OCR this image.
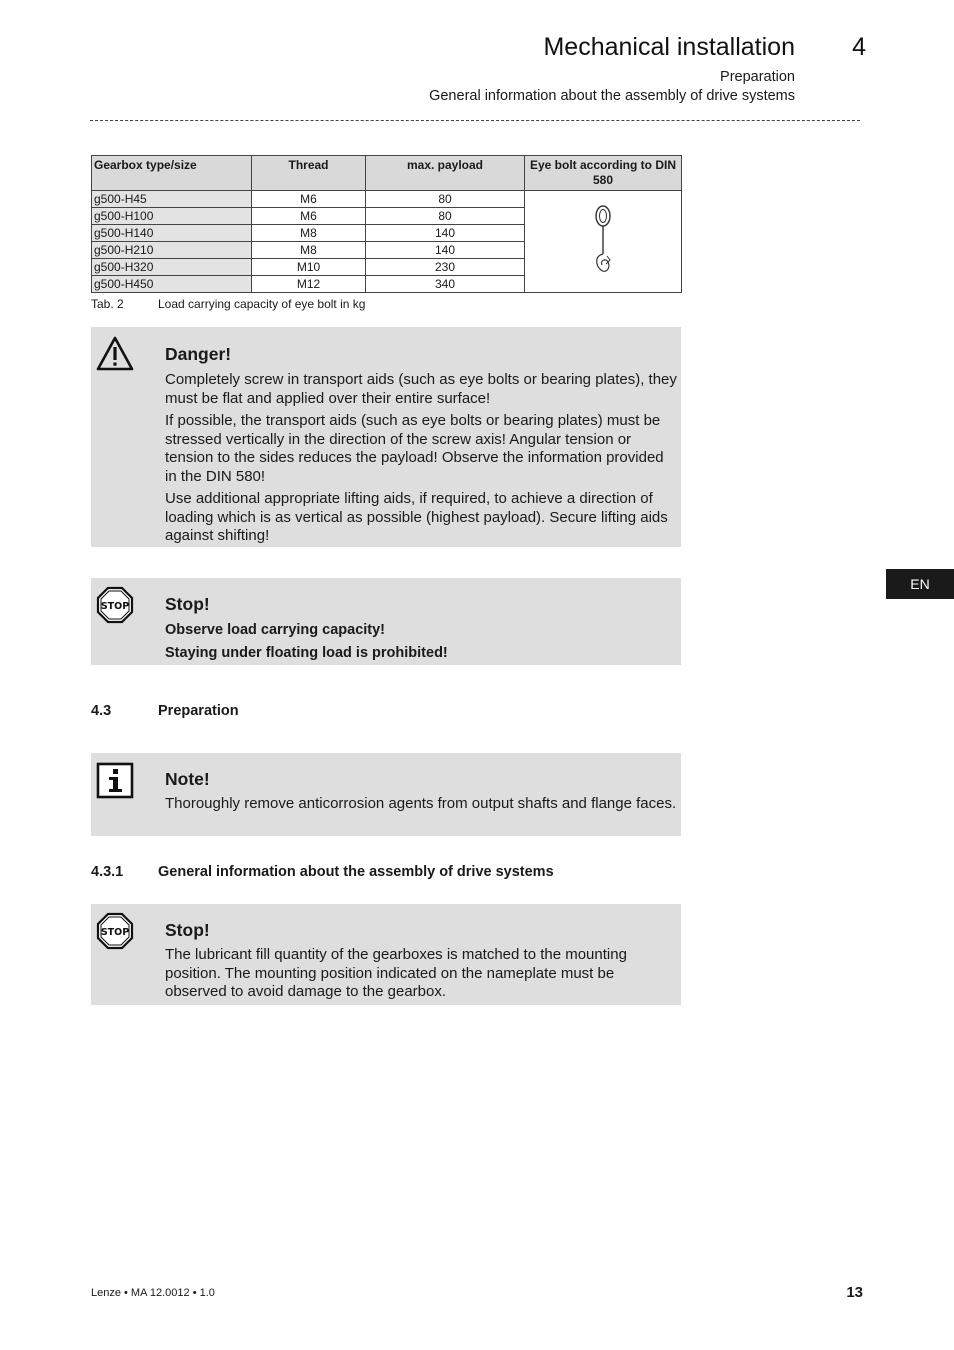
Mechanical installation	4
Preparation
General information about the assembly of drive systems
Gearbox type/size	Thread	max. payload	Eye bolt according to DIN 580
g500-H45	M6	80	
g500-H100	M6	80	
g500-H140	M8	140	
g500-H210	M8	140	
g500-H320	M10	230	
g500-H450	M12	340	
Tab. 2	Load carrying capacity of eye bolt in kg
Danger!
Completely screw in transport aids (such as eye bolts or bearing plates), they must be flat and applied over their entire surface!
If possible, the transport aids (such as eye bolts or bearing plates) must be stressed vertically in the direction of the screw axis! Angular tension or tension to the sides reduces the payload! Observe the information provided in the DIN 580!
Use additional appropriate lifting aids, if required, to achieve a direction of loading which is as vertical as possible (highest payload). Secure lifting aids against shifting!
STOP Stop!
Observe load carrying capacity!
Staying under floating load is prohibited!
4.3	Preparation
Note!
Thoroughly remove anticorrosion agents from output shafts and flange faces.
4.3.1 General information about the assembly of drive systems
STOP Stop!
The lubricant fill quantity of the gearboxes is matched to the mounting position. The mounting position indicated on the nameplate must be observed to avoid damage to the gearbox.
EN
Lenze • MA 12.0012 • 1.0	13
